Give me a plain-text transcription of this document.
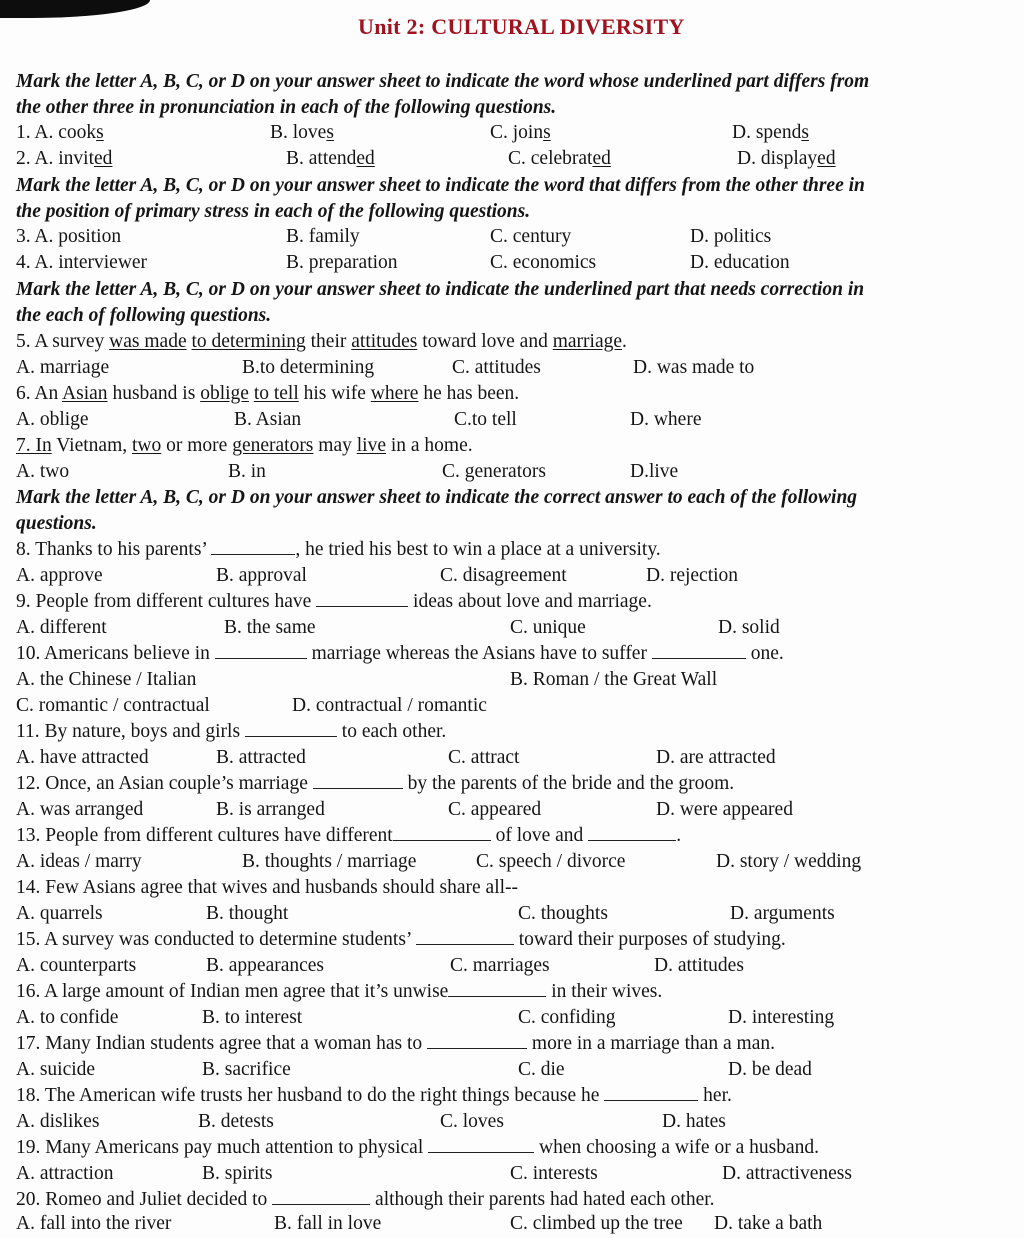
Unit 2: CULTURAL DIVERSITY
Mark the letter A, B, C, or D on your answer sheet to indicate the word whose underlined part differs from
the other three in pronunciation in each of the following questions.
1. A. cooks	B. loves	C. joins	D. spends
2. A. invited	B. attended	C. celebrated	D. displayed
Mark the letter A, B, C, or D on your answer sheet to indicate the word that differs from the other three in
the position of primary stress in each of the following questions.
3. A. position	B. family	C. century	D. politics
4. A. interviewer	B. preparation	C. economics	D. education
Mark the letter A, B, C, or D on your answer sheet to indicate the underlined part that needs correction in
the each of following questions.
5. A survey was made to determining their attitudes toward love and marriage.
A. marriage	B.to determining	C. attitudes	D. was made to
6. An Asian husband is oblige to tell his wife where he has been.
A. oblige	B. Asian	C.to tell	D. where
7. In Vietnam, two or more generators may live in a home.
A. two	B. in	C. generators	D.live
Mark the letter A, B, C, or D on your answer sheet to indicate the correct answer to each of the following
questions.
8. Thanks to his parents’	, he tried his best to win a place at a university.
A. approve	B. approval	C. disagreement	D. rejection
9. People from different cultures have	ideas about love and marriage.
A. different	B. the same	C. unique	D. solid
10. Americans believe in	marriage whereas the Asians have to suffer	one.
A. the Chinese / Italian	B. Roman / the Great Wall
C. romantic / contractual	D. contractual / romantic
11. By nature, boys and girls	to each other.
A. have attracted	B. attracted	C. attract	D. are attracted
12. Once, an Asian couple’s marriage	by the parents of the bride and the groom.
A. was arranged	B. is arranged	C. appeared	D. were appeared
13. People from different cultures have different	of love and	.
A. ideas / marry	B. thoughts / marriage	C. speech / divorce	D. story / wedding
14. Few Asians agree that wives and husbands should share all--
A. quarrels	B. thought	C. thoughts	D. arguments
15. A survey was conducted to determine students’	toward their purposes of studying.
A. counterparts	B. appearances	C. marriages	D. attitudes
16. A large amount of Indian men agree that it’s unwise	in their wives.
A. to confide	B. to interest	C. confiding	D. interesting
17. Many Indian students agree that a woman has to	more in a marriage than a man.
A. suicide	B. sacrifice	C. die	D. be dead
18. The American wife trusts her husband to do the right things because he	her.
A. dislikes	B. detests	C. loves	D. hates
19. Many Americans pay much attention to physical	when choosing a wife or a husband.
A. attraction	B. spirits	C. interests	D. attractiveness
20. Romeo and Juliet decided to	although their parents had hated each other.
A. fall into the river	B. fall in love	C. climbed up the tree D. take a bath
